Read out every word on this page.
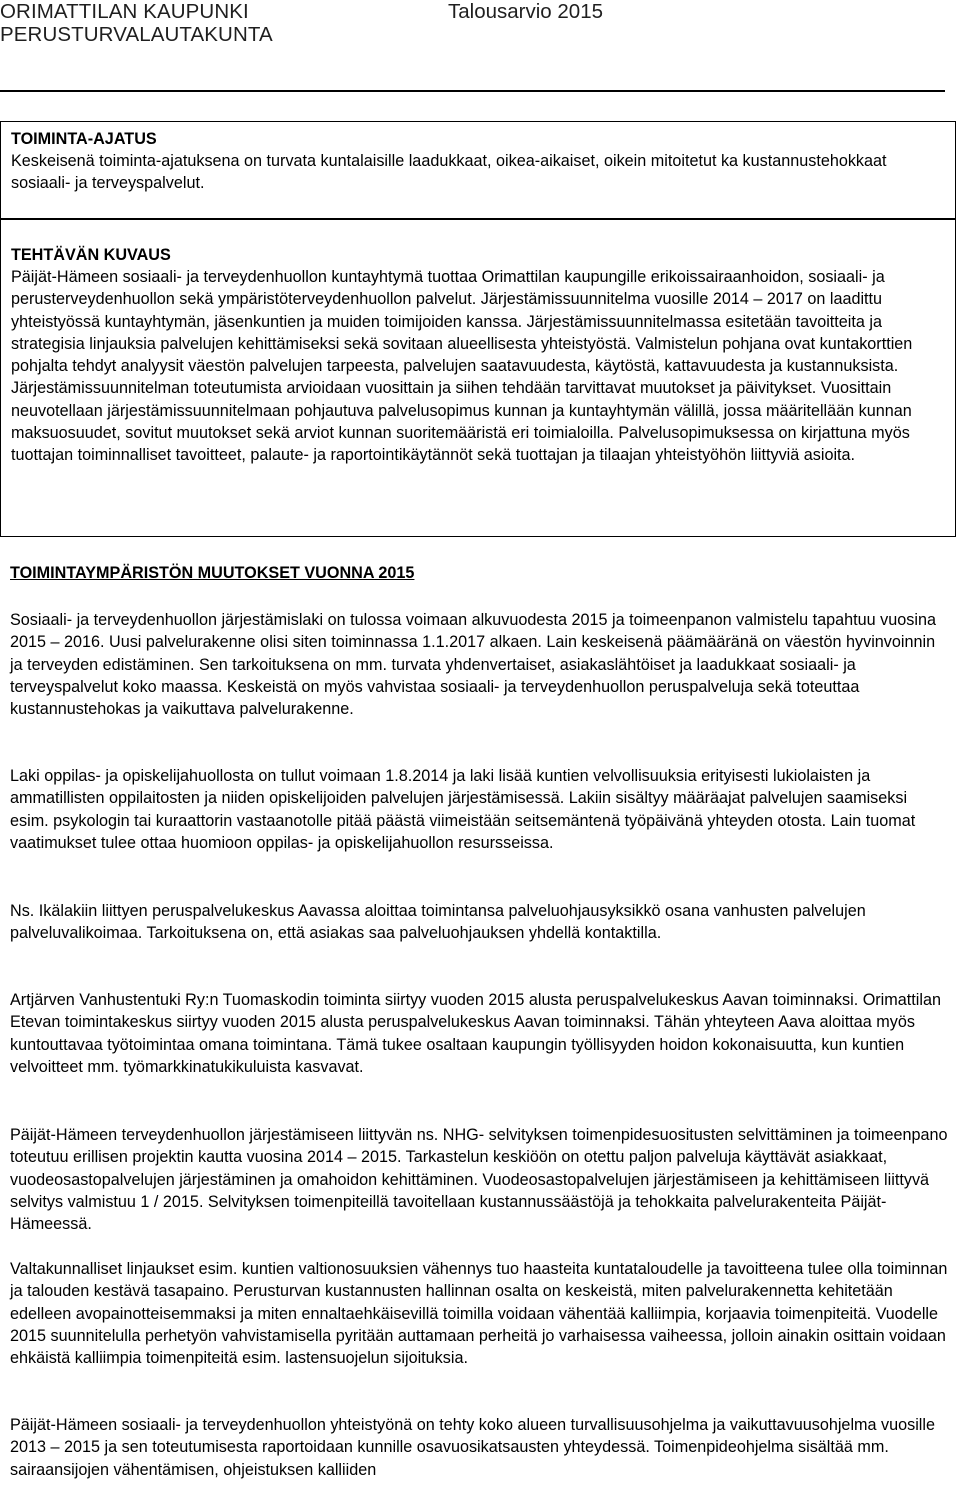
ORIMATTILAN KAUPUNKI
PERUSTURVALAUTAKUNTA
Talousarvio 2015
TOIMINTA-AJATUS
Keskeisenä toiminta-ajatuksena on turvata kuntalaisille laadukkaat, oikea-aikaiset, oikein mitoitetut ka kustannustehokkaat sosiaali- ja terveyspalvelut.
TEHTÄVÄN KUVAUS
Päijät-Hämeen sosiaali- ja terveydenhuollon kuntayhtymä tuottaa Orimattilan kaupungille erikoissairaanhoidon, sosiaali- ja perusterveydenhuollon sekä ympäristöterveydenhuollon palvelut. Järjestämissuunnitelma vuosille 2014 – 2017 on laadittu yhteistyössä kuntayhtymän, jäsenkuntien ja muiden toimijoiden kanssa. Järjestämissuunnitelmassa esitetään tavoitteita ja strategisia linjauksia palvelujen kehittämiseksi sekä sovitaan alueellisesta yhteistyöstä. Valmistelun pohjana ovat kuntakorttien pohjalta tehdyt analyysit väestön palvelujen tarpeesta, palvelujen saatavuudesta, käytöstä, kattavuudesta ja kustannuksista. Järjestämissuunnitelman toteutumista arvioidaan vuosittain ja siihen tehdään tarvittavat muutokset ja päivitykset. Vuosittain neuvotellaan järjestämissuunnitelmaan pohjautuva palvelusopimus kunnan ja kuntayhtymän välillä, jossa määritellään kunnan maksuosuudet, sovitut muutokset sekä arviot kunnan suoritemääristä eri toimialoilla. Palvelusopimuksessa on kirjattuna myös tuottajan toiminnalliset tavoitteet, palaute- ja raportointikäytännöt sekä tuottajan ja tilaajan yhteistyöhön liittyviä asioita.
TOIMINTAYMPÄRISTÖN MUUTOKSET VUONNA 2015

Sosiaali- ja terveydenhuollon järjestämislaki on tulossa voimaan alkuvuodesta 2015 ja toimeenpanon valmistelu tapahtuu vuosina 2015 – 2016. Uusi palvelurakenne olisi siten toiminnassa 1.1.2017 alkaen. Lain keskeisenä päämääränä on väestön hyvinvoinnin ja terveyden edistäminen. Sen tarkoituksena on mm. turvata yhdenvertaiset, asiakaslähtöiset ja laadukkaat sosiaali- ja terveyspalvelut koko maassa. Keskeistä on myös vahvistaa sosiaali- ja terveydenhuollon peruspalveluja sekä toteuttaa kustannustehokas ja vaikuttava palvelurakenne.

Laki oppilas- ja opiskelijahuollosta on tullut voimaan 1.8.2014 ja laki lisää kuntien velvollisuuksia erityisesti lukiolaisten ja ammatillisten oppilaitosten ja niiden opiskelijoiden palvelujen järjestämisessä. Lakiin sisältyy määräajat palvelujen saamiseksi esim. psykologin tai kuraattorin vastaanotolle pitää päästä viimeistään seitsemäntenä työpäivänä yhteyden otosta. Lain tuomat vaatimukset tulee ottaa huomioon oppilas- ja opiskelijahuollon resursseissa.

Ns. Ikälakiin liittyen peruspalvelukeskus Aavassa aloittaa toimintansa palveluohjausyksikkö osana vanhusten palvelujen palveluvalikoimaa. Tarkoituksena on, että asiakas saa palveluohjauksen yhdellä kontaktilla.

Artjärven Vanhustentuki Ry:n Tuomaskodin toiminta siirtyy vuoden 2015 alusta peruspalvelukeskus Aavan toiminnaksi. Orimattilan Etevan toimintakeskus siirtyy vuoden 2015 alusta peruspalvelukeskus Aavan toiminnaksi. Tähän yhteyteen Aava aloittaa myös kuntouttavaa työtoimintaa omana toimintana. Tämä tukee osaltaan kaupungin työllisyyden hoidon kokonaisuutta, kun kuntien velvoitteet mm. työmarkkinatukikuluista kasvavat.

Päijät-Hämeen terveydenhuollon järjestämiseen liittyvän ns. NHG- selvityksen toimenpidesuositusten selvittäminen ja toimeenpano toteutuu erillisen projektin kautta vuosina 2014 – 2015. Tarkastelun keskiöön on otettu paljon palveluja käyttävät asiakkaat, vuodeosastopalvelujen järjestäminen ja omahoidon kehittäminen. Vuodeosastopalvelujen järjestämiseen ja kehittämiseen liittyvä selvitys valmistuu 1 / 2015. Selvityksen toimenpiteillä tavoitellaan kustannussäästöjä ja tehokkaita palvelurakenteita Päijät-Hämeessä.

Valtakunnalliset linjaukset esim. kuntien valtionosuuksien vähennys tuo haasteita kuntataloudelle ja tavoitteena tulee olla toiminnan ja talouden kestävä tasapaino. Perusturvan kustannusten hallinnan osalta on keskeistä, miten palvelurakennetta kehitetään edelleen avopainotteisemmaksi ja miten ennaltaehkäisevillä toimilla voidaan vähentää kalliimpia, korjaavia toimenpiteitä. Vuodelle 2015 suunnitelulla perhetyön vahvistamisella pyritään auttamaan perheitä jo varhaisessa vaiheessa, jolloin ainakin osittain voidaan ehkäistä kalliimpia toimenpiteitä esim. lastensuojelun sijoituksia.

Päijät-Hämeen sosiaali- ja terveydenhuollon yhteistyönä on tehty koko alueen turvallisuusohjelma ja vaikuttavuusohjelma vuosille 2013 – 2015 ja sen toteutumisesta raportoidaan kunnille osavuosikatsausten yhteydessä. Toimenpideohjelma sisältää mm. sairaansijojen vähentämisen, ohjeistuksen kalliiden
